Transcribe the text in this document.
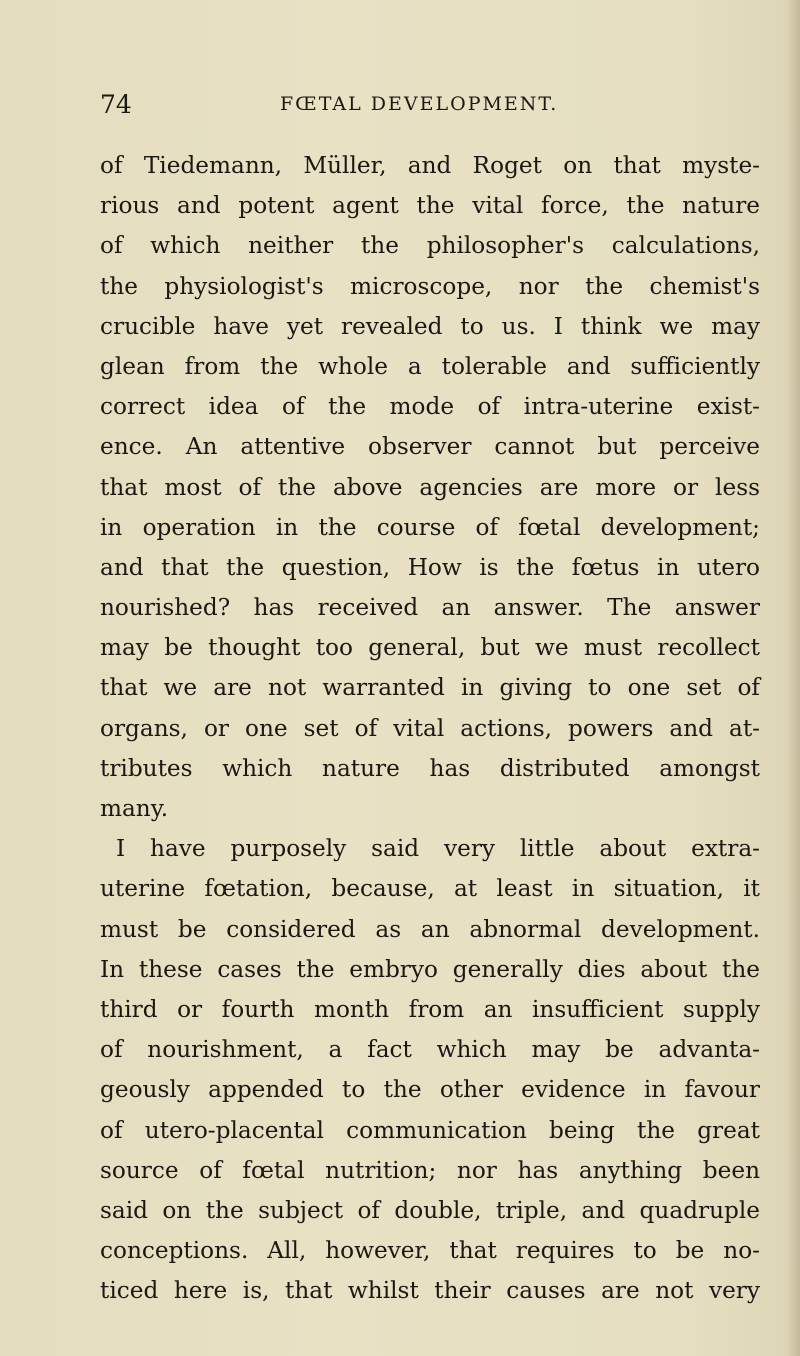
74	FŒTAL DEVELOPMENT.
of Tiedemann, Müller, and Roget on that myste-
rious and potent agent the vital force, the nature
of which neither the philosopher's calculations,
the physiologist's microscope, nor the chemist's
crucible have yet revealed to us. I think we may
glean from the whole a tolerable and sufficiently
correct idea of the mode of intra-uterine exist-
ence. An attentive observer cannot but perceive
that most of the above agencies are more or less
in operation in the course of fœtal development;
and that the question, How is the fœtus in utero
nourished? has received an answer. The answer
may be thought too general, but we must recollect
that we are not warranted in giving to one set of
organs, or one set of vital actions, powers and at-
tributes which nature has distributed amongst
many.
I have purposely said very little about extra-
uterine fœtation, because, at least in situation, it
must be considered as an abnormal development.
In these cases the embryo generally dies about the
third or fourth month from an insufficient supply
of nourishment, a fact which may be advanta-
geously appended to the other evidence in favour
of utero-placental communication being the great
source of fœtal nutrition; nor has anything been
said on the subject of double, triple, and quadruple
conceptions. All, however, that requires to be no-
ticed here is, that whilst their causes are not very
